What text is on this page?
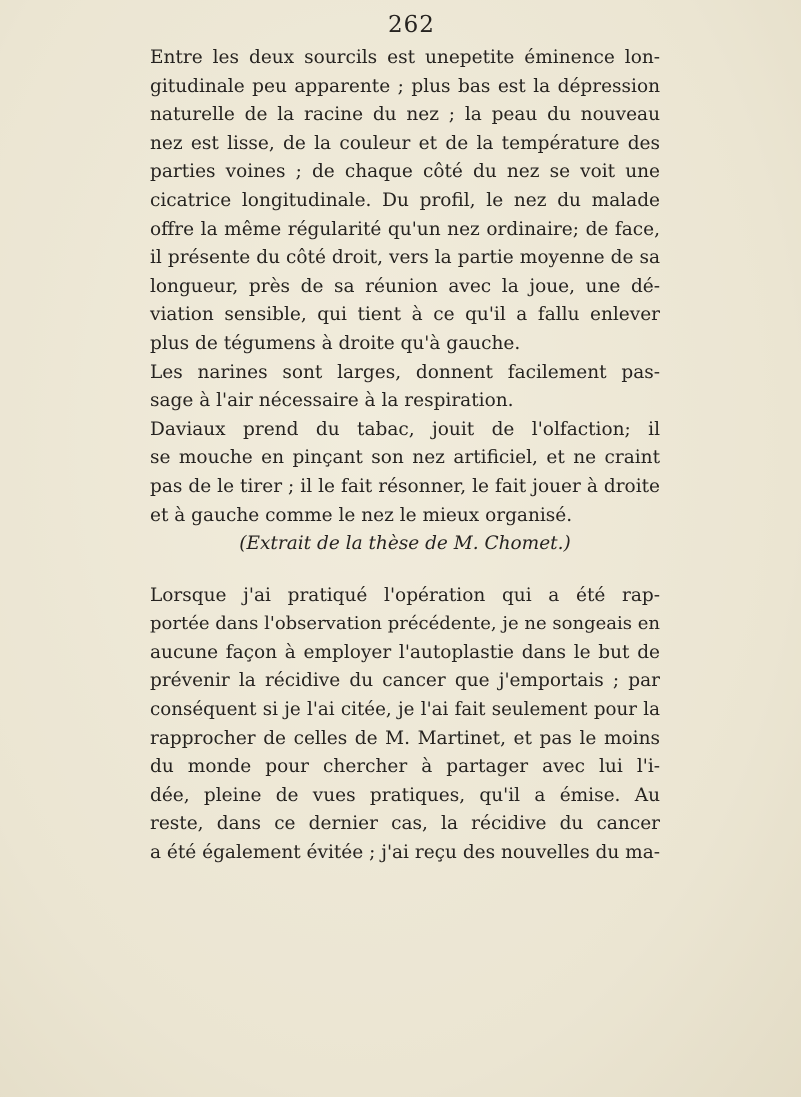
262
Entre les deux sourcils est unepetite éminence lon-
gitudinale peu apparente ; plus bas est la dépression
naturelle de la racine du nez ; la peau du nouveau
nez est lisse, de la couleur et de la température des
parties voines ; de chaque côté du nez se voit une
cicatrice longitudinale. Du profil, le nez du malade
offre la même régularité qu'un nez ordinaire; de face,
il présente du côté droit, vers la partie moyenne de sa
longueur, près de sa réunion avec la joue, une dé-
viation sensible, qui tient à ce qu'il a fallu enlever
plus de tégumens à droite qu'à gauche.
Les narines sont larges, donnent facilement pas-
sage à l'air nécessaire à la respiration.
Daviaux prend du tabac, jouit de l'olfaction; il
se mouche en pinçant son nez artificiel, et ne craint
pas de le tirer ; il le fait résonner, le fait jouer à droite
et à gauche comme le nez le mieux organisé.
(Extrait de la thèse de M. Chomet.)
Lorsque j'ai pratiqué l'opération qui a été rap-
portée dans l'observation précédente, je ne songeais en
aucune façon à employer l'autoplastie dans le but de
prévenir la récidive du cancer que j'emportais ; par
conséquent si je l'ai citée, je l'ai fait seulement pour la
rapprocher de celles de M. Martinet, et pas le moins
du monde pour chercher à partager avec lui l'i-
dée, pleine de vues pratiques, qu'il a émise. Au
reste, dans ce dernier cas, la récidive du cancer
a été également évitée ; j'ai reçu des nouvelles du ma-
